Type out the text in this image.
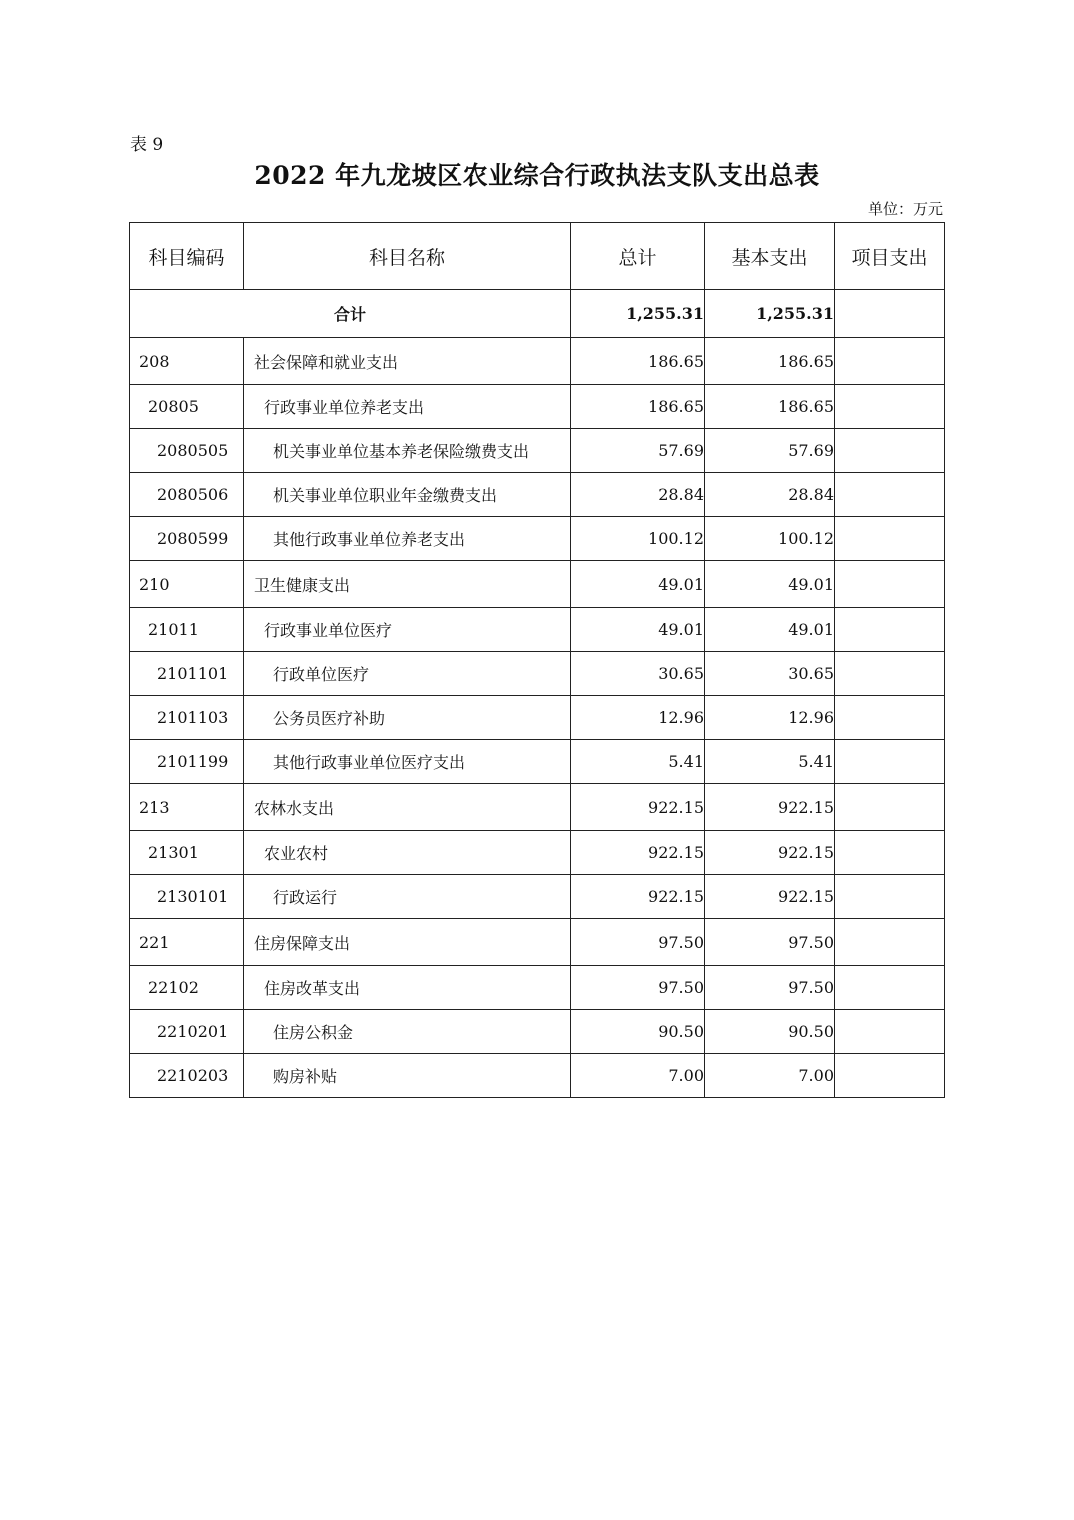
表 9
2022 年九龙坡区农业综合行政执法支队支出总表
单位：万元
科目编码	科目名称	总计	基本支出	项目支出
合计		1,255.31	1,255.31	
208	社会保障和就业支出	186.65	186.65	
20805	行政事业单位养老支出	186.65	186.65	
2080505	机关事业单位基本养老保险缴费支出	57.69	57.69	
2080506	机关事业单位职业年金缴费支出	28.84	28.84	
2080599	其他行政事业单位养老支出	100.12	100.12	
210	卫生健康支出	49.01	49.01	
21011	行政事业单位医疗	49.01	49.01	
2101101	行政单位医疗	30.65	30.65	
2101103	公务员医疗补助	12.96	12.96	
2101199	其他行政事业单位医疗支出	5.41	5.41	
213	农林水支出	922.15	922.15	
21301	农业农村	922.15	922.15	
2130101	行政运行	922.15	922.15	
221	住房保障支出	97.50	97.50	
22102	住房改革支出	97.50	97.50	
2210201	住房公积金	90.50	90.50	
2210203	购房补贴	7.00	7.00	
